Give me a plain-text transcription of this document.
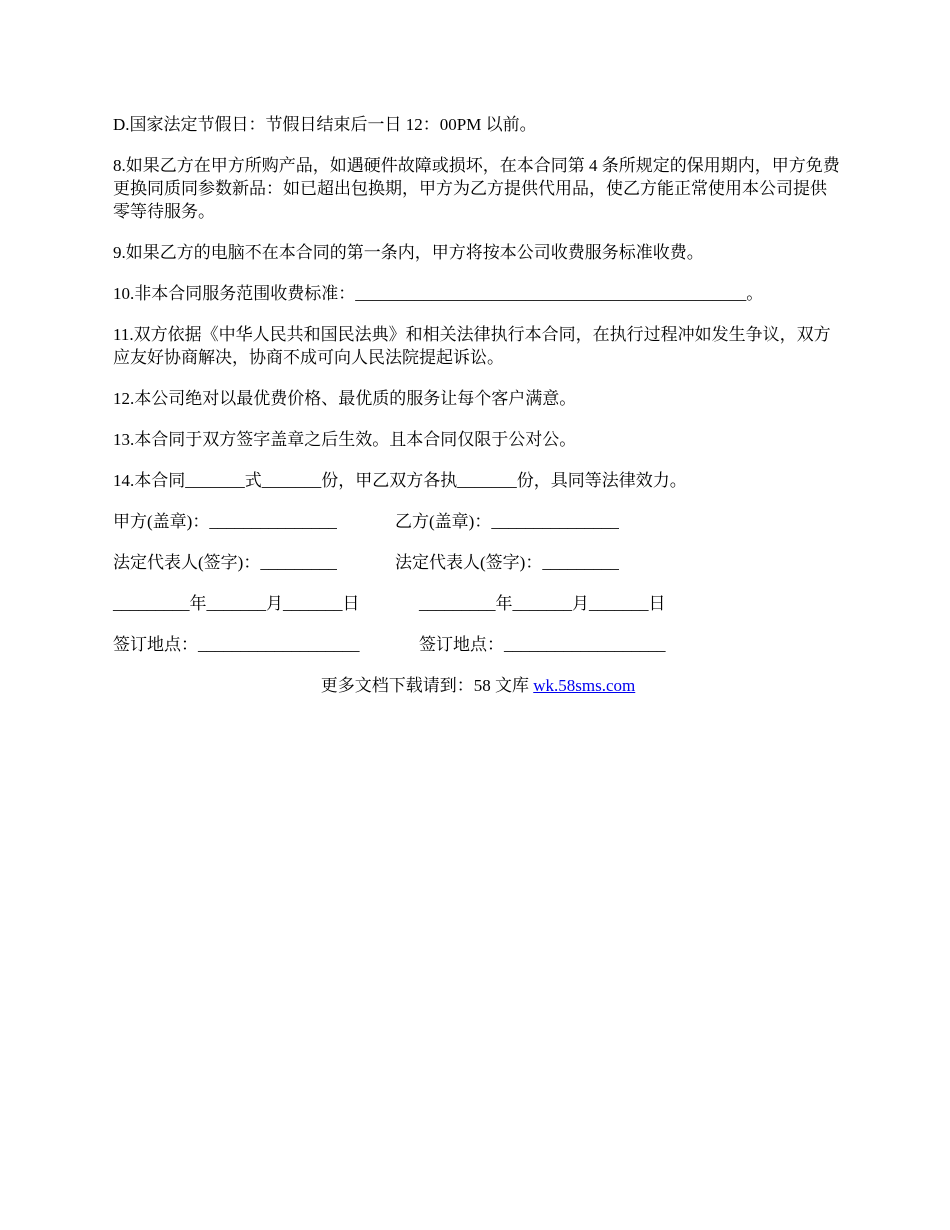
D.国家法定节假日：节假日结束后一日 12：00PM 以前。

8.如果乙方在甲方所购产品，如遇硬件故障或损坏，在本合同第 4 条所规定的保用期内，甲方免费更换同质同参数新品：如已超出包换期，甲方为乙方提供代用品，使乙方能正常使用本公司提供零等待服务。

9.如果乙方的电脑不在本合同的第一条内，甲方将按本公司收费服务标准收费。

10.非本合同服务范围收费标准：______________________________________________。

11.双方依据《中华人民共和国民法典》和相关法律执行本合同，在执行过程冲如发生争议，双方应友好协商解决，协商不成可向人民法院提起诉讼。

12.本公司绝对以最优费价格、最优质的服务让每个客户满意。

13.本合同于双方签字盖章之后生效。且本合同仅限于公对公。

14.本合同_______式_______份，甲乙双方各执_______份，具同等法律效力。

甲方(盖章)：_______________	乙方(盖章)：_______________
法定代表人(签字)：_________	法定代表人(签字)：_________
_________年_______月_______日	_________年_______月_______日
签订地点：___________________	签订地点：___________________
更多文档下载请到：58 文库 wk.58sms.com
